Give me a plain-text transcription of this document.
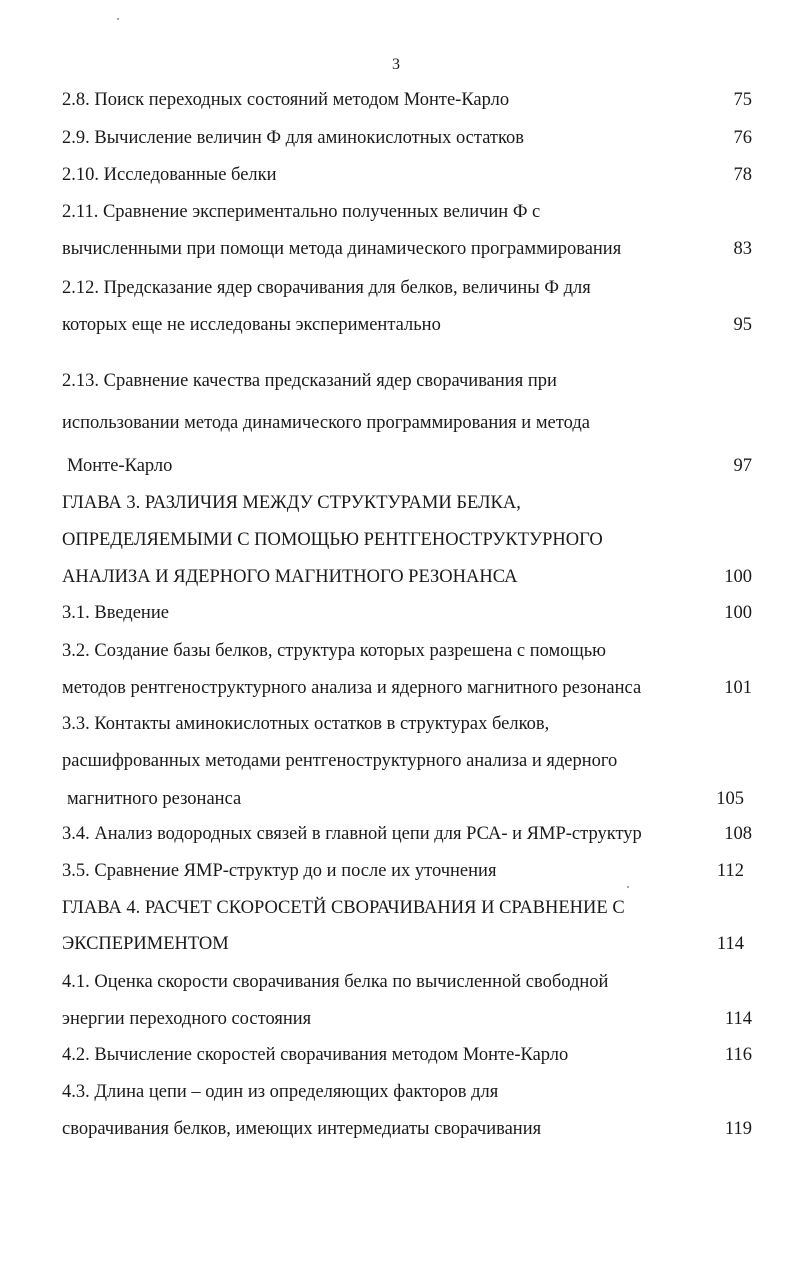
3
2.8. Поиск переходных состояний методом Монте-Карло	75
2.9. Вычисление величин Ф для аминокислотных остатков	76
2.10. Исследованные белки	78
2.11. Сравнение экспериментально полученных величин Ф с
вычисленными при помощи метода динамического программирования	83
2.12. Предсказание ядер сворачивания для белков, величины Ф для
которых еще не исследованы экспериментально	95
2.13. Сравнение качества предсказаний ядер сворачивания при
использовании метода динамического программирования и метода
Монте-Карло	97
ГЛАВА 3. РАЗЛИЧИЯ МЕЖДУ СТРУКТУРАМИ БЕЛКА,
ОПРЕДЕЛЯЕМЫМИ С ПОМОЩЬЮ РЕНТГЕНОСТРУКТУРНОГО
АНАЛИЗА И ЯДЕРНОГО МАГНИТНОГО РЕЗОНАНСА	100
3.1. Введение	100
3.2. Создание базы белков, структура которых разрешена с помощью
методов рентгеноструктурного анализа и ядерного магнитного резонанса	101
3.3. Контакты аминокислотных остатков в структурах белков,
расшифрованных методами рентгеноструктурного анализа и ядерного
магнитного резонанса	105
3.4. Анализ водородных связей в главной цепи для РСА- и ЯМР-структур	108
3.5. Сравнение ЯМР-структур до и после их уточнения	112
ГЛАВА 4. РАСЧЕТ СКОРОСЕТЙ СВОРАЧИВАНИЯ И СРАВНЕНИЕ С
ЭКСПЕРИМЕНТОМ	114
4.1. Оценка скорости сворачивания белка по вычисленной свободной
энергии переходного состояния	114
4.2. Вычисление скоростей сворачивания методом Монте-Карло	116
4.3. Длина цепи – один из определяющих факторов для
сворачивания белков, имеющих интермедиаты сворачивания	119
